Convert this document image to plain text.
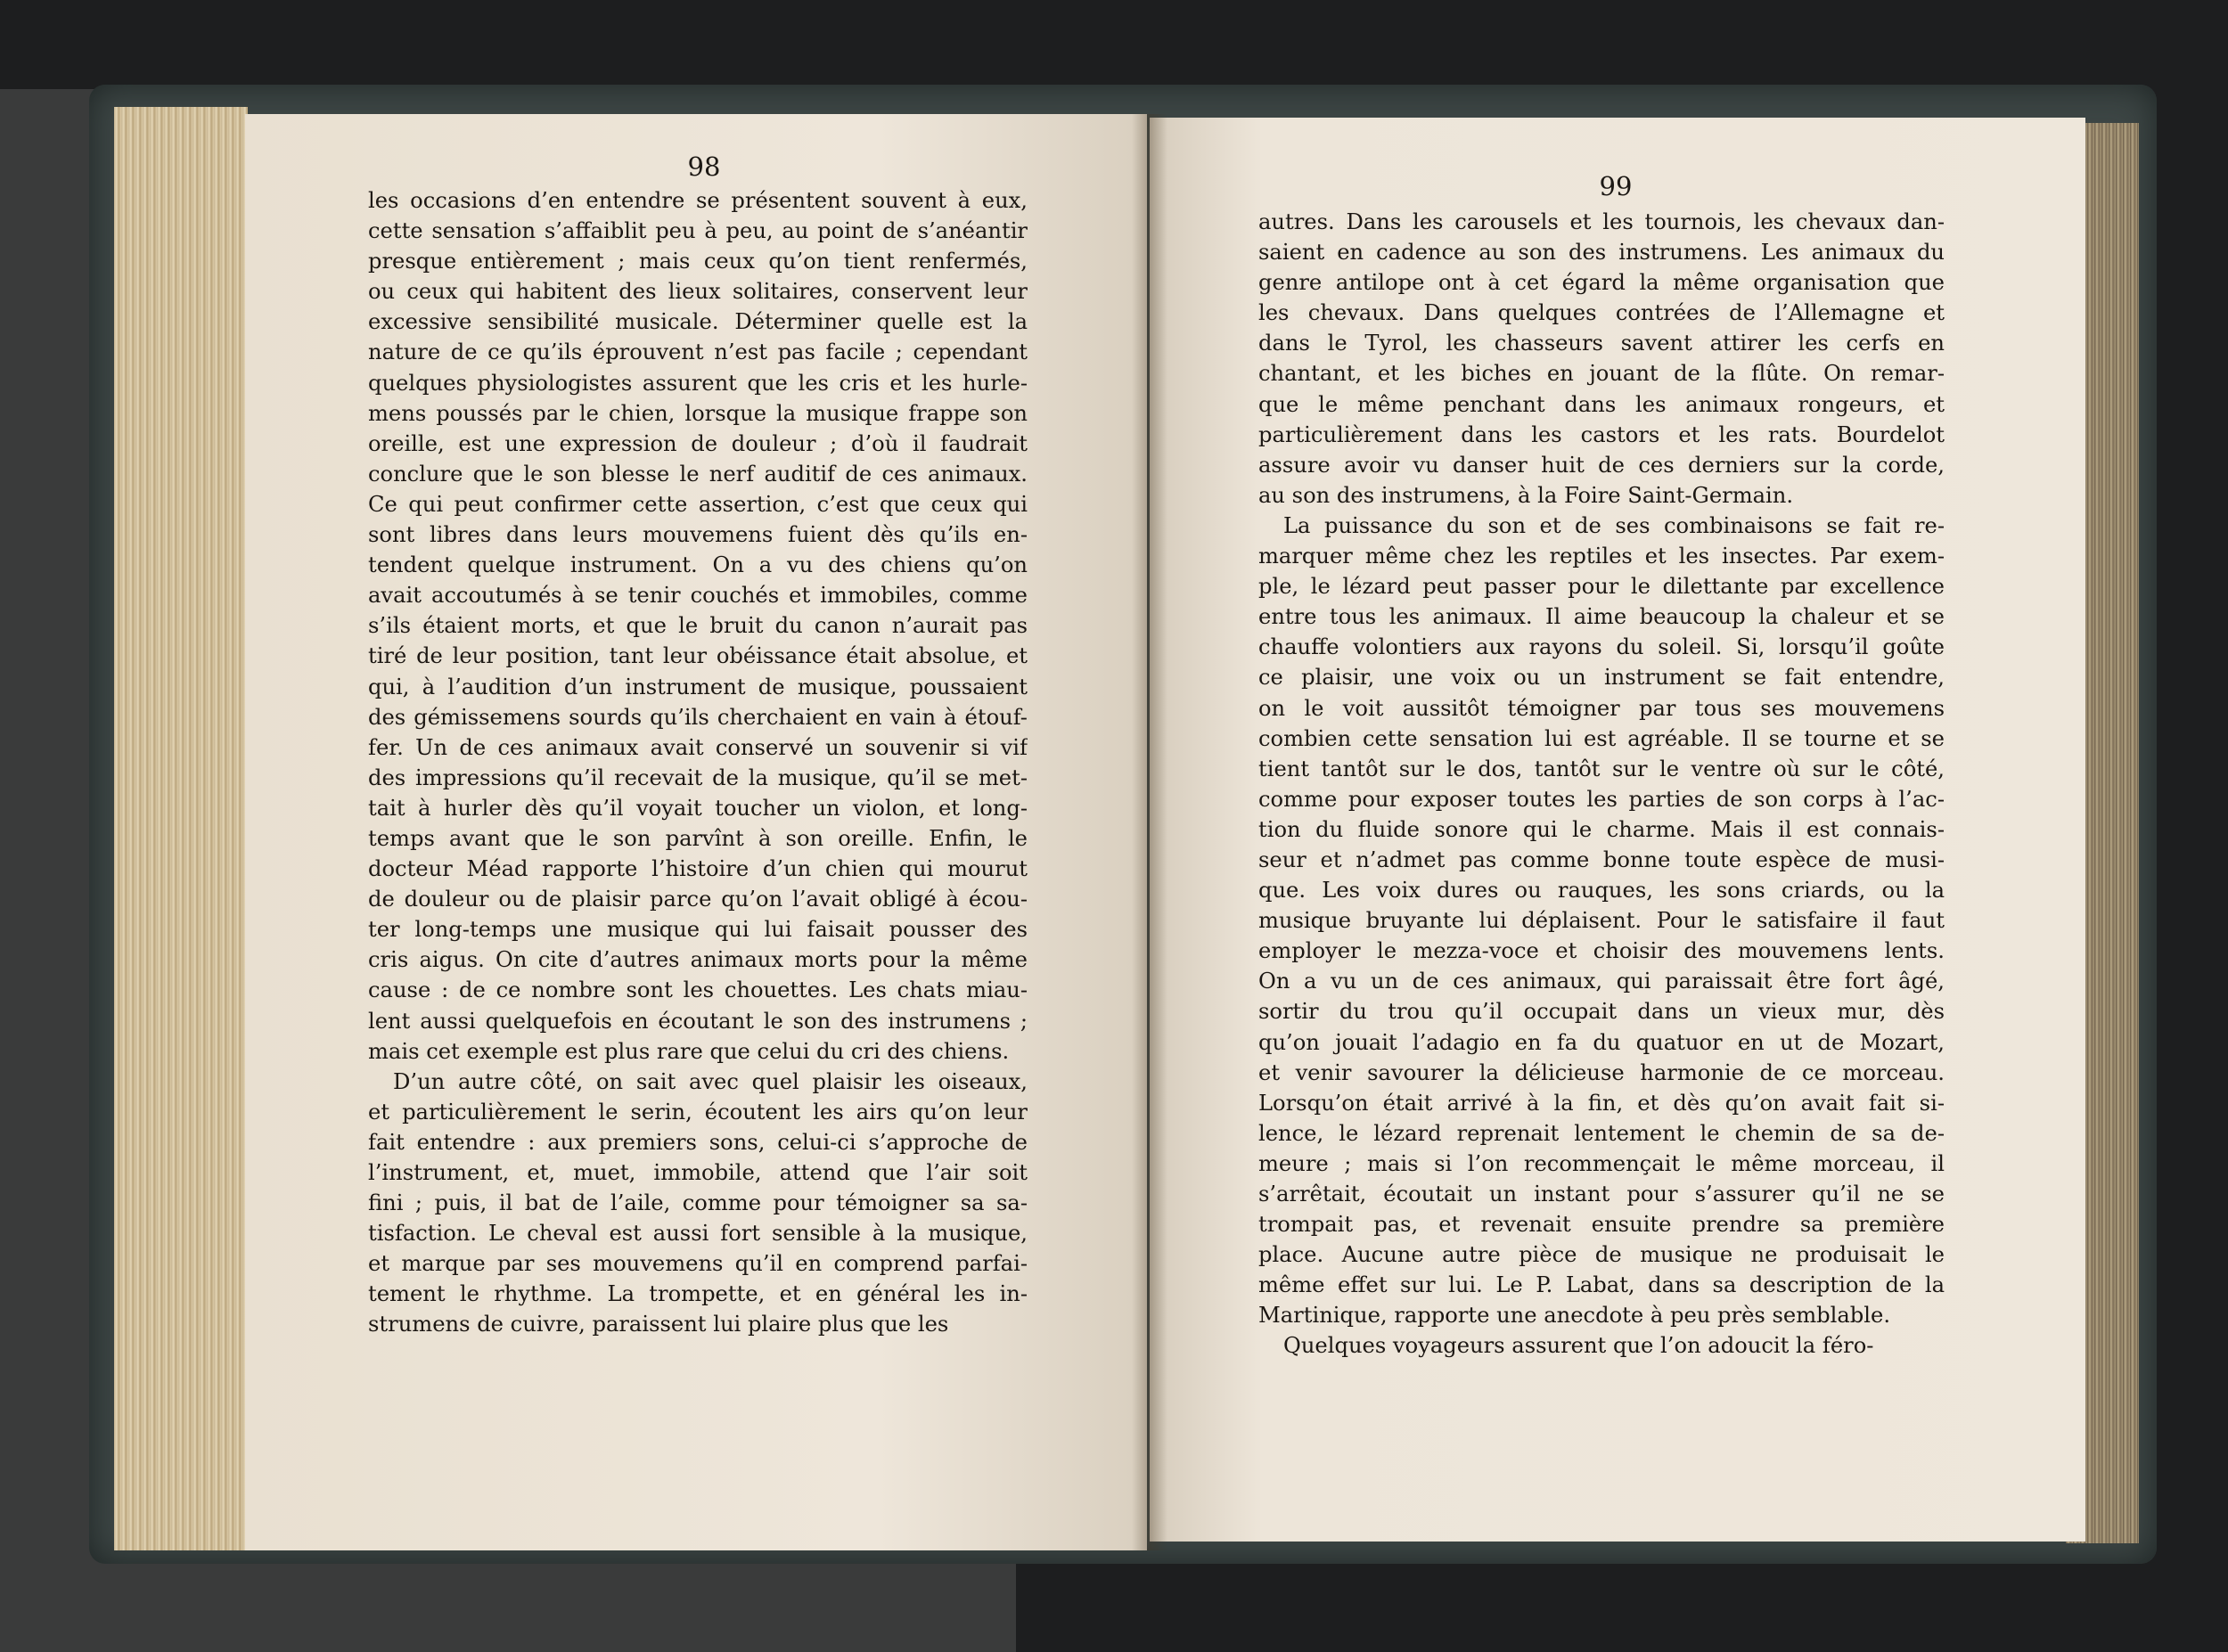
98
les occasions d’en entendre se présentent souvent à eux,
cette sensation s’affaiblit peu à peu, au point de s’anéantir
presque entièrement ; mais ceux qu’on tient renfermés,
ou ceux qui habitent des lieux solitaires, conservent leur
excessive sensibilité musicale. Déterminer quelle est la
nature de ce qu’ils éprouvent n’est pas facile ; cependant
quelques physiologistes assurent que les cris et les hurle-
mens poussés par le chien, lorsque la musique frappe son
oreille, est une expression de douleur ; d’où il faudrait
conclure que le son blesse le nerf auditif de ces animaux.
Ce qui peut confirmer cette assertion, c’est que ceux qui
sont libres dans leurs mouvemens fuient dès qu’ils en-
tendent quelque instrument. On a vu des chiens qu’on
avait accoutumés à se tenir couchés et immobiles, comme
s’ils étaient morts, et que le bruit du canon n’aurait pas
tiré de leur position, tant leur obéissance était absolue, et
qui, à l’audition d’un instrument de musique, poussaient
des gémissemens sourds qu’ils cherchaient en vain à étouf-
fer. Un de ces animaux avait conservé un souvenir si vif
des impressions qu’il recevait de la musique, qu’il se met-
tait à hurler dès qu’il voyait toucher un violon, et long-
temps avant que le son parvînt à son oreille. Enfin, le
docteur Méad rapporte l’histoire d’un chien qui mourut
de douleur ou de plaisir parce qu’on l’avait obligé à écou-
ter long-temps une musique qui lui faisait pousser des
cris aigus. On cite d’autres animaux morts pour la même
cause : de ce nombre sont les chouettes. Les chats miau-
lent aussi quelquefois en écoutant le son des instrumens ;
mais cet exemple est plus rare que celui du cri des chiens.
D’un autre côté, on sait avec quel plaisir les oiseaux,
et particulièrement le serin, écoutent les airs qu’on leur
fait entendre : aux premiers sons, celui-ci s’approche de
l’instrument, et, muet, immobile, attend que l’air soit
fini ; puis, il bat de l’aile, comme pour témoigner sa sa-
tisfaction. Le cheval est aussi fort sensible à la musique,
et marque par ses mouvemens qu’il en comprend parfai-
tement le rhythme. La trompette, et en général les in-
strumens de cuivre, paraissent lui plaire plus que les
99
autres. Dans les carousels et les tournois, les chevaux dan-
saient en cadence au son des instrumens. Les animaux du
genre antilope ont à cet égard la même organisation que
les chevaux. Dans quelques contrées de l’Allemagne et
dans le Tyrol, les chasseurs savent attirer les cerfs en
chantant, et les biches en jouant de la flûte. On remar-
que le même penchant dans les animaux rongeurs, et
particulièrement dans les castors et les rats. Bourdelot
assure avoir vu danser huit de ces derniers sur la corde,
au son des instrumens, à la Foire Saint-Germain.
La puissance du son et de ses combinaisons se fait re-
marquer même chez les reptiles et les insectes. Par exem-
ple, le lézard peut passer pour le dilettante par excellence
entre tous les animaux. Il aime beaucoup la chaleur et se
chauffe volontiers aux rayons du soleil. Si, lorsqu’il goûte
ce plaisir, une voix ou un instrument se fait entendre,
on le voit aussitôt témoigner par tous ses mouvemens
combien cette sensation lui est agréable. Il se tourne et se
tient tantôt sur le dos, tantôt sur le ventre où sur le côté,
comme pour exposer toutes les parties de son corps à l’ac-
tion du fluide sonore qui le charme. Mais il est connais-
seur et n’admet pas comme bonne toute espèce de musi-
que. Les voix dures ou rauques, les sons criards, ou la
musique bruyante lui déplaisent. Pour le satisfaire il faut
employer le mezza-voce et choisir des mouvemens lents.
On a vu un de ces animaux, qui paraissait être fort âgé,
sortir du trou qu’il occupait dans un vieux mur, dès
qu’on jouait l’adagio en fa du quatuor en ut de Mozart,
et venir savourer la délicieuse harmonie de ce morceau.
Lorsqu’on était arrivé à la fin, et dès qu’on avait fait si-
lence, le lézard reprenait lentement le chemin de sa de-
meure ; mais si l’on recommençait le même morceau, il
s’arrêtait, écoutait un instant pour s’assurer qu’il ne se
trompait pas, et revenait ensuite prendre sa première
place. Aucune autre pièce de musique ne produisait le
même effet sur lui. Le P. Labat, dans sa description de la
Martinique, rapporte une anecdote à peu près semblable.
Quelques voyageurs assurent que l’on adoucit la féro-
